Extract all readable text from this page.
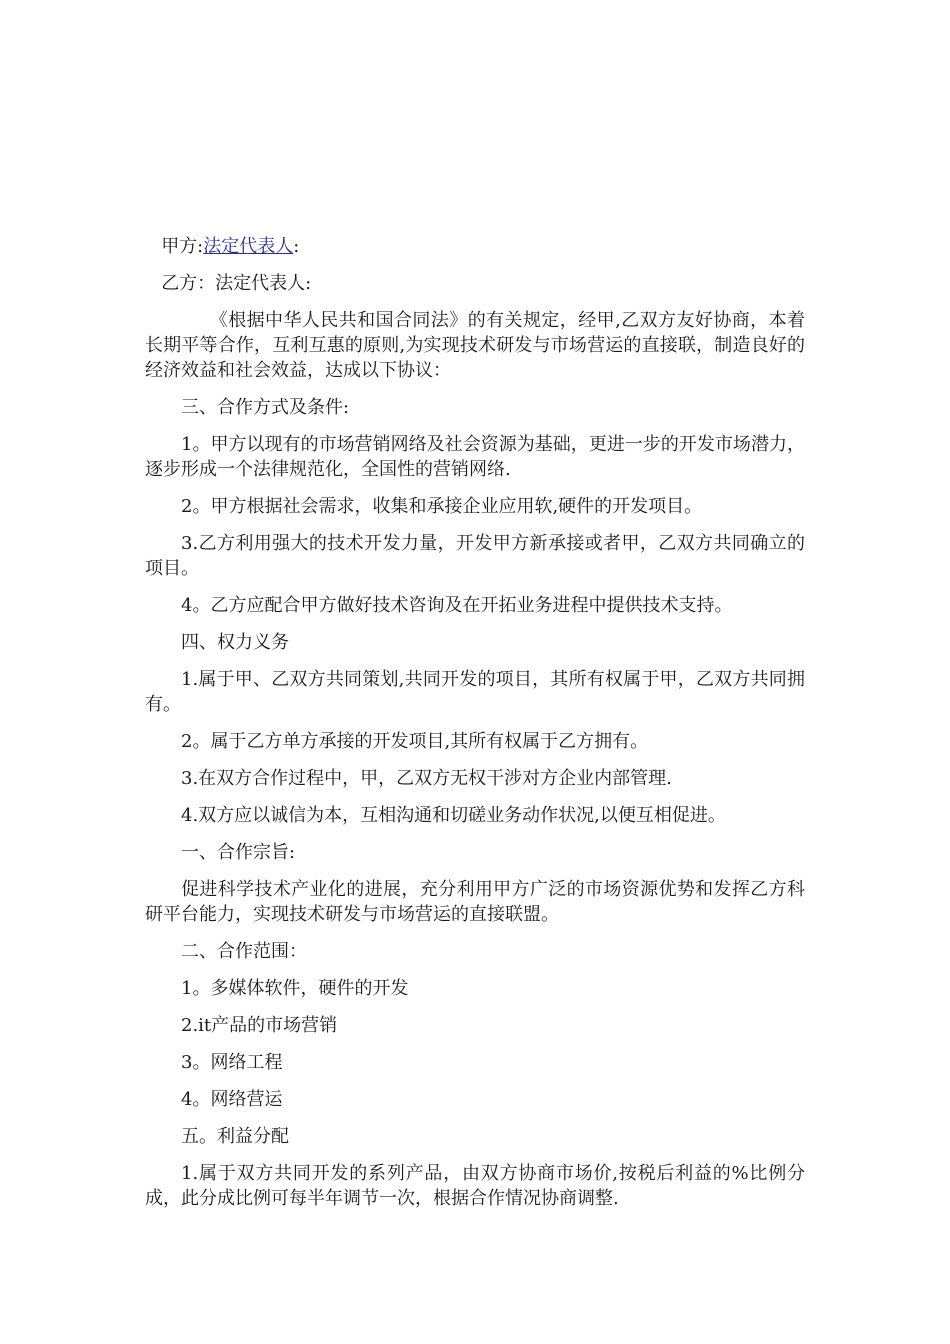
甲方:法定代表人:

乙方：法定代表人:

《根据中华人民共和国合同法》的有关规定，经甲,乙双方友好协商，本着长期平等合作，互利互惠的原则,为实现技术研发与市场营运的直接联，制造良好的经济效益和社会效益，达成以下协议：

三、合作方式及条件:

1。甲方以现有的市场营销网络及社会资源为基础，更进一步的开发市场潜力，逐步形成一个法律规范化，全国性的营销网络.

2。甲方根据社会需求，收集和承接企业应用软,硬件的开发项目。

3.乙方利用强大的技术开发力量，开发甲方新承接或者甲，乙双方共同确立的项目。

4。乙方应配合甲方做好技术咨询及在开拓业务进程中提供技术支持。

四、权力义务

1.属于甲、乙双方共同策划,共同开发的项目，其所有权属于甲，乙双方共同拥有。

2。属于乙方单方承接的开发项目,其所有权属于乙方拥有。

3.在双方合作过程中，甲，乙双方无权干涉对方企业内部管理.

4.双方应以诚信为本，互相沟通和切磋业务动作状况,以便互相促进。

一、合作宗旨:

促进科学技术产业化的进展，充分利用甲方广泛的市场资源优势和发挥乙方科研平台能力，实现技术研发与市场营运的直接联盟。

二、合作范围：

1。多媒体软件，硬件的开发

2.it产品的市场营销

3。网络工程

4。网络营运

五。利益分配

1.属于双方共同开发的系列产品，由双方协商市场价,按税后利益的%比例分成，此分成比例可每半年调节一次，根据合作情况协商调整.
